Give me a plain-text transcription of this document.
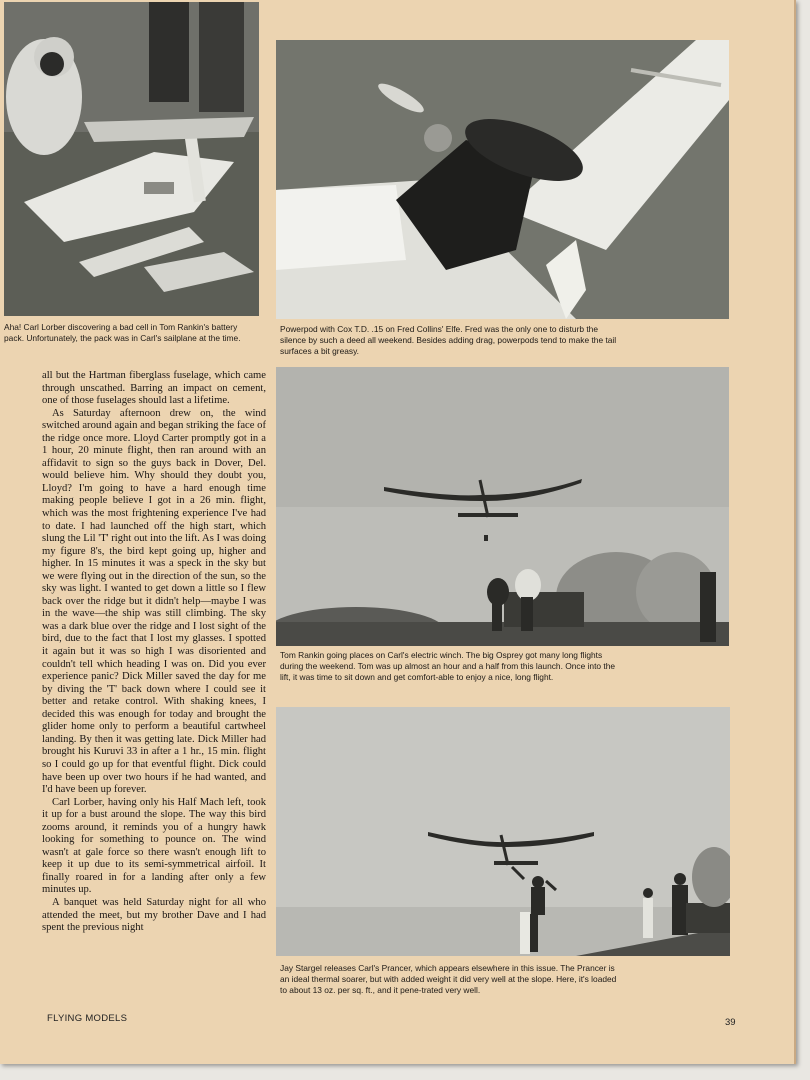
Aha! Carl Lorber discovering a bad cell in Tom Rankin's battery pack. Unfortunately, the pack was in Carl's sailplane at the time.

Powerpod with Cox T.D. .15 on Fred Collins' Elfe. Fred was the only one to disturb the silence by such a deed all weekend. Besides adding drag, powerpods tend to make the tail surfaces a bit greasy.

all but the Hartman fiberglass fuselage, which came through unscathed. Barring an impact on cement, one of those fuselages should last a lifetime.

As Saturday afternoon drew on, the wind switched around again and began striking the face of the ridge once more. Lloyd Carter promptly got in a 1 hour, 20 minute flight, then ran around with an affidavit to sign so the guys back in Dover, Del. would believe him. Why should they doubt you, Lloyd? I'm going to have a hard enough time making people believe I got in a 26 min. flight, which was the most frightening experience I've had to date. I had launched off the high start, which slung the Lil 'T' right out into the lift. As I was doing my figure 8's, the bird kept going up, higher and higher. In 15 minutes it was a speck in the sky but we were flying out in the direction of the sun, so the sky was light. I wanted to get down a little so I flew back over the ridge but it didn't help—maybe I was in the wave—the ship was still climbing. The sky was a dark blue over the ridge and I lost sight of the bird, due to the fact that I lost my glasses. I spotted it again but it was so high I was disoriented and couldn't tell which heading I was on. Did you ever experience panic? Dick Miller saved the day for me by diving the 'T' back down where I could see it better and retake control. With shaking knees, I decided this was enough for today and brought the glider home only to perform a beautiful cartwheel landing. By then it was getting late. Dick Miller had brought his Kuruvi 33 in after a 1 hr., 15 min. flight so I could go up for that eventful flight. Dick could have been up over two hours if he had wanted, and I'd have been up forever.

Carl Lorber, having only his Half Mach left, took it up for a bust around the slope. The way this bird zooms around, it reminds you of a hungry hawk looking for something to pounce on. The wind wasn't at gale force so there wasn't enough lift to keep it up due to its semi-symmetrical airfoil. It finally roared in for a landing after only a few minutes up.

A banquet was held Saturday night for all who attended the meet, but my brother Dave and I had spent the previous night

Tom Rankin going places on Carl's electric winch. The big Osprey got many long flights during the weekend. Tom was up almost an hour and a half from this launch. Once into the lift, it was time to sit down and get comfort-able to enjoy a nice, long flight.

Jay Stargel releases Carl's Prancer, which appears elsewhere in this issue. The Prancer is an ideal thermal soarer, but with added weight it did very well at the slope. Here, it's loaded to about 13 oz. per sq. ft., and it pene-trated very well.

FLYING MODELS	39
